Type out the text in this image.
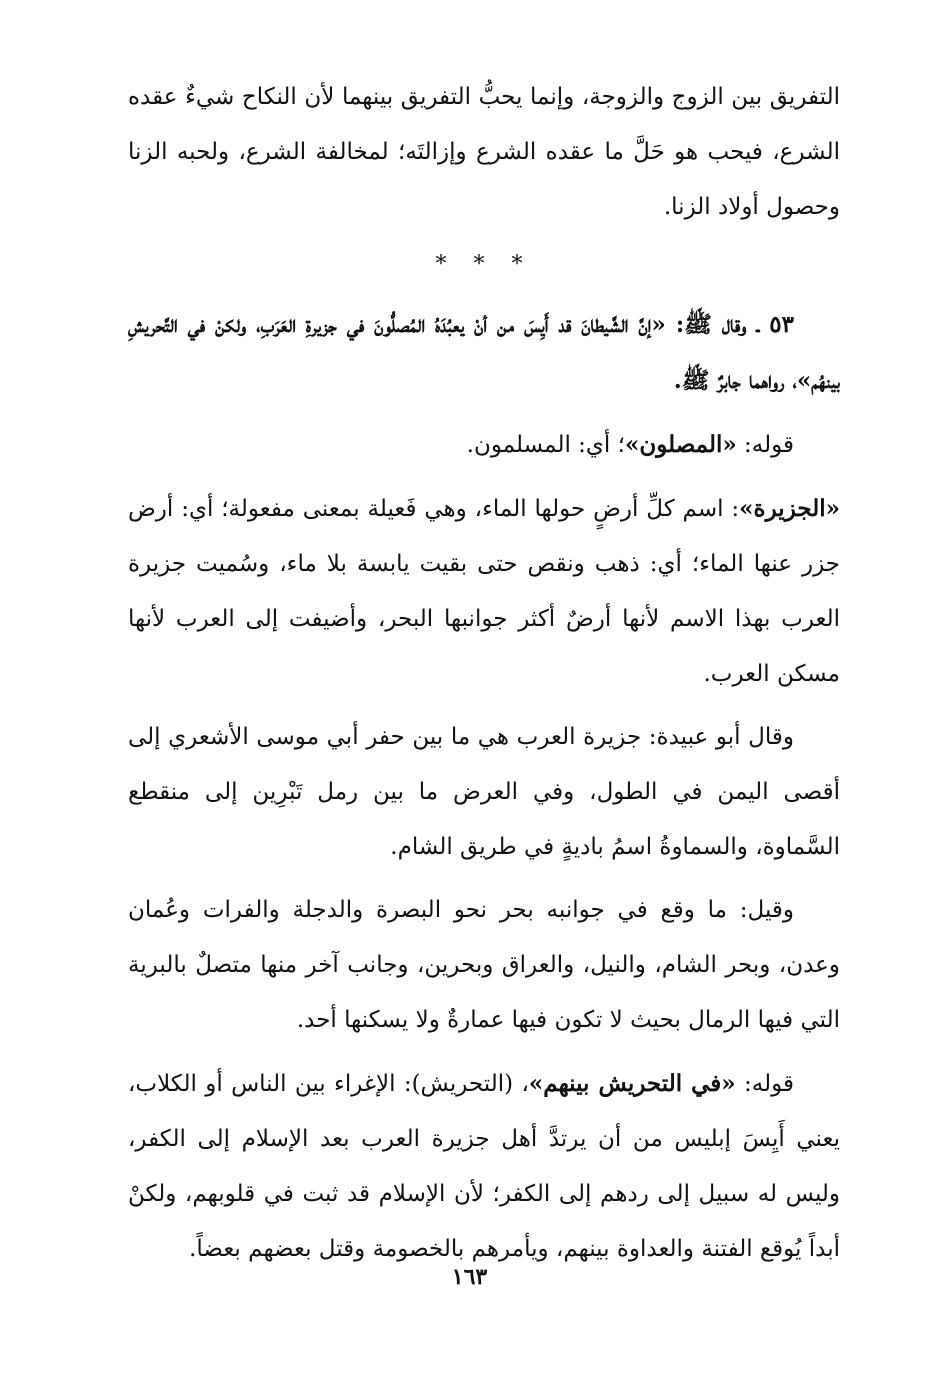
التفريق بين الزوج والزوجة، وإنما يحبُّ التفريق بينهما لأن النكاح شيءٌ عقده الشرع، فيحب هو حَلَّ ما عقده الشرع وإزالتَه؛ لمخالفة الشرع، ولحبه الزنا وحصول أولاد الزنا.

* * *

٥٣ ـ وقال ﷺ: «إنَّ الشَّيطانَ قد أَيِسَ من أنْ يعبُدَهُ المُصلُّونَ في جزيرةِ العَرَبِ، ولكنْ في التَّحريشِ بينهُم»، رواهما جابرٌ ﷺ.

قوله: «المصلون»؛ أي: المسلمون.

«الجزيرة»: اسم كلِّ أرضٍ حولها الماء، وهي فَعيلة بمعنى مفعولة؛ أي: أرض جزر عنها الماء؛ أي: ذهب ونقص حتى بقيت يابسة بلا ماء، وسُميت جزيرة العرب بهذا الاسم لأنها أرضٌ أكثر جوانبها البحر، وأضيفت إلى العرب لأنها مسكن العرب.

وقال أبو عبيدة: جزيرة العرب هي ما بين حفر أبي موسى الأشعري إلى أقصى اليمن في الطول، وفي العرض ما بين رمل تَبْرِين إلى منقطع السَّماوة، والسماوةُ اسمُ باديةٍ في طريق الشام.

وقيل: ما وقع في جوانبه بحر نحو البصرة والدجلة والفرات وعُمان وعدن، وبحر الشام، والنيل، والعراق وبحرين، وجانب آخر منها متصلٌ بالبرية التي فيها الرمال بحيث لا تكون فيها عمارةٌ ولا يسكنها أحد.

قوله: «في التحريش بينهم»، (التحريش): الإغراء بين الناس أو الكلاب، يعني أَيِسَ إبليس من أن يرتدَّ أهل جزيرة العرب بعد الإسلام إلى الكفر، وليس له سبيل إلى ردهم إلى الكفر؛ لأن الإسلام قد ثبت في قلوبهم، ولكنْ أبداً يُوقع الفتنة والعداوة بينهم، ويأمرهم بالخصومة وقتل بعضهم بعضاً.

١٦٣
